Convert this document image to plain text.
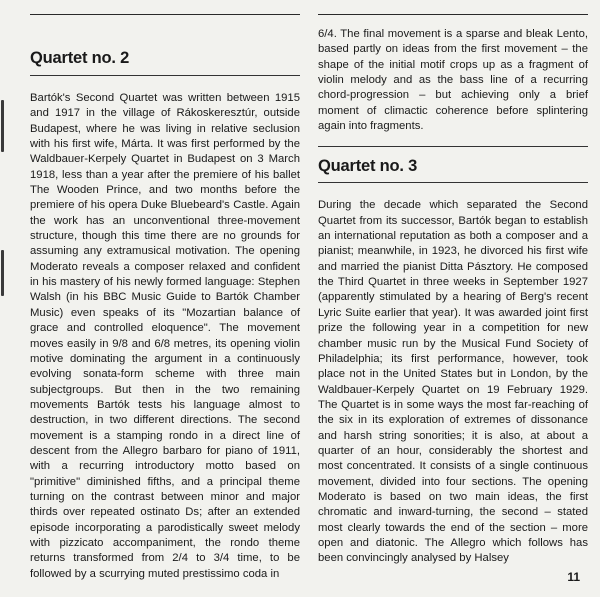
Quartet no. 2

Bartók's Second Quartet was written between 1915 and 1917 in the village of Rákoskeresztúr, outside Budapest, where he was living in relative seclusion with his first wife, Márta. It was first performed by the Waldbauer-Kerpely Quartet in Budapest on 3 March 1918, less than a year after the premiere of his ballet The Wooden Prince, and two months before the premiere of his opera Duke Bluebeard's Castle. Again the work has an unconventional three-movement structure, though this time there are no grounds for assuming any extramusical motivation. The opening Moderato reveals a composer relaxed and confident in his mastery of his newly formed language: Stephen Walsh (in his BBC Music Guide to Bartók Chamber Music) even speaks of its "Mozartian balance of grace and controlled eloquence". The movement moves easily in 9/8 and 6/8 metres, its opening violin motive dominating the argument in a continuously evolving sonata-form scheme with three main subjectgroups. But then in the two remaining movements Bartók tests his language almost to destruction, in two different directions. The second movement is a stamping rondo in a direct line of descent from the Allegro barbaro for piano of 1911, with a recurring introductory motto based on "primitive" diminished fifths, and a principal theme turning on the contrast between minor and major thirds over repeated ostinato Ds; after an extended episode incorporating a parodistically sweet melody with pizzicato accompaniment, the rondo theme returns transformed from 2/4 to 3/4 time, to be followed by a scurrying muted prestissimo coda in

6/4. The final movement is a sparse and bleak Lento, based partly on ideas from the first movement – the shape of the initial motif crops up as a fragment of violin melody and as the bass line of a recurring chord-progression – but achieving only a brief moment of climactic coherence before splintering again into fragments.

Quartet no. 3

During the decade which separated the Second Quartet from its successor, Bartók began to establish an international reputation as both a composer and a pianist; meanwhile, in 1923, he divorced his first wife and married the pianist Ditta Pásztory. He composed the Third Quartet in three weeks in September 1927 (apparently stimulated by a hearing of Berg's recent Lyric Suite earlier that year). It was awarded joint first prize the following year in a competition for new chamber music run by the Musical Fund Society of Philadelphia; its first performance, however, took place not in the United States but in London, by the Waldbauer-Kerpely Quartet on 19 February 1929. The Quartet is in some ways the most far-reaching of the six in its exploration of extremes of dissonance and harsh string sonorities; it is also, at about a quarter of an hour, considerably the shortest and most concentrated. It consists of a single continuous movement, divided into four sections. The opening Moderato is based on two main ideas, the first chromatic and inward-turning, the second – stated most clearly towards the end of the section – more open and diatonic. The Allegro which follows has been convincingly analysed by Halsey

11
